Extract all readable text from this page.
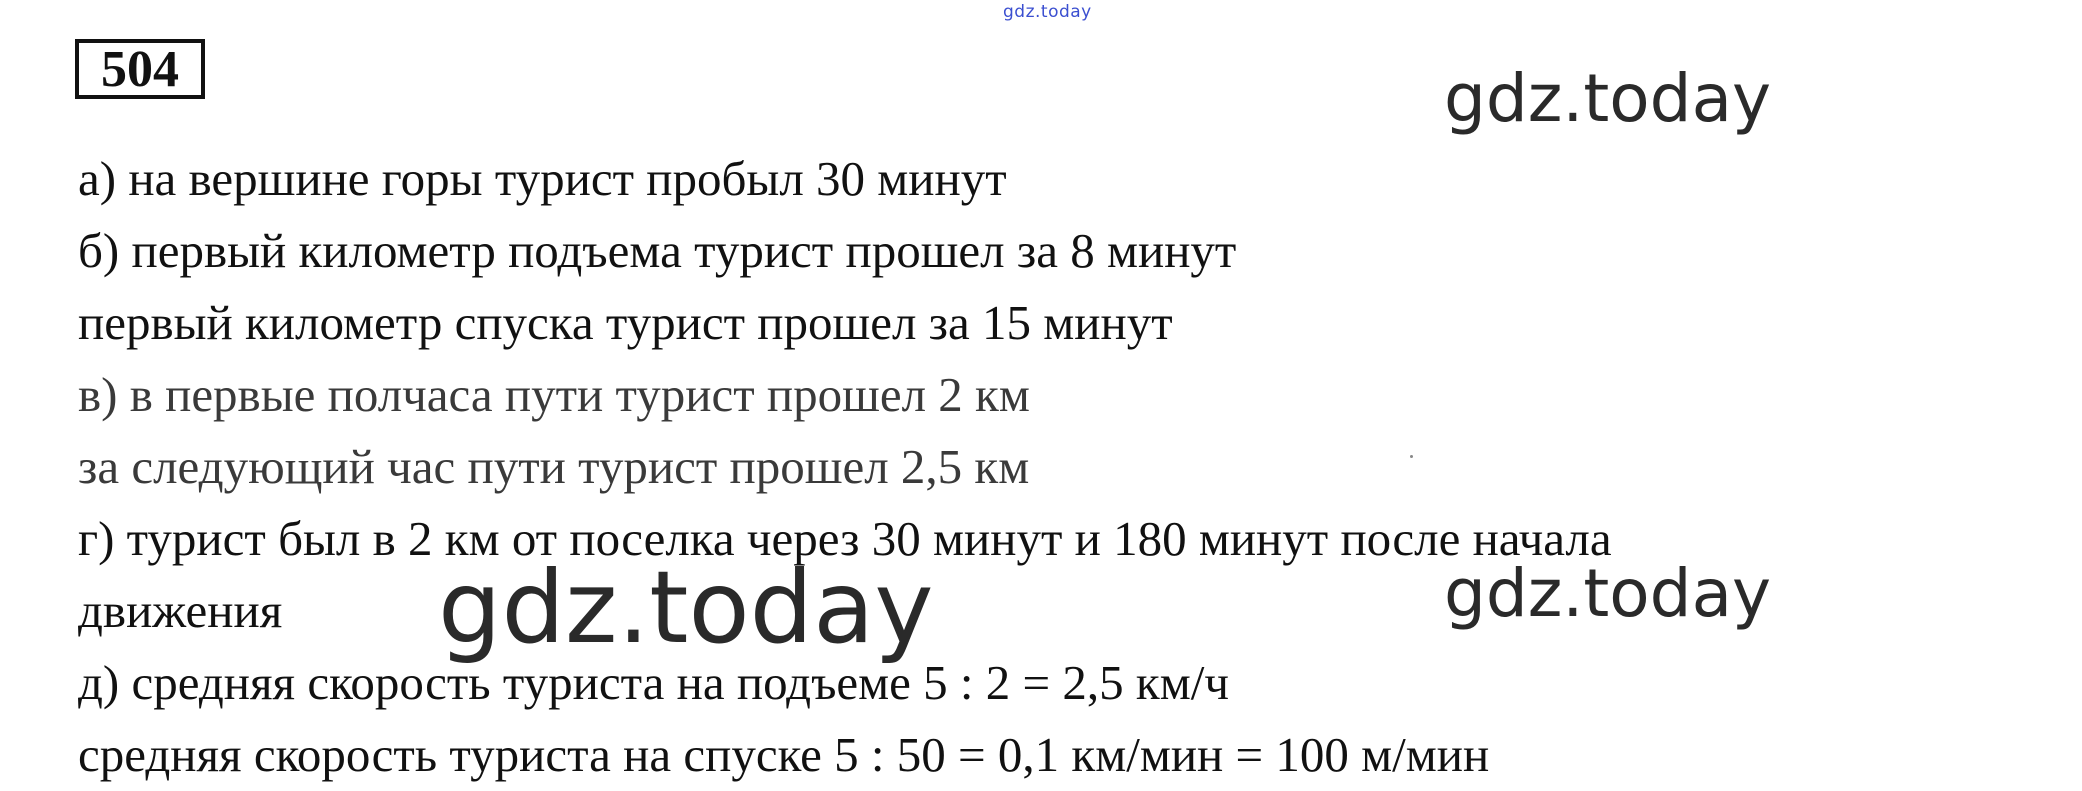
gdz.today
504	gdz.today
gdz.today
gdz.today
а) на вершине горы турист пробыл 30 минут
б) первый километр подъема турист прошел за 8 минут
первый километр спуска турист прошел за 15 минут
в) в первые полчаса пути турист прошел 2 км
за следующий час пути турист прошел 2,5 км
г) турист был в 2 км от поселка через 30 минут и 180 минут после начала
движения
д) средняя скорость туриста на подъеме 5 : 2 = 2,5 км/ч
средняя скорость туриста на спуске 5 : 50 = 0,1 км/мин = 100 м/мин
